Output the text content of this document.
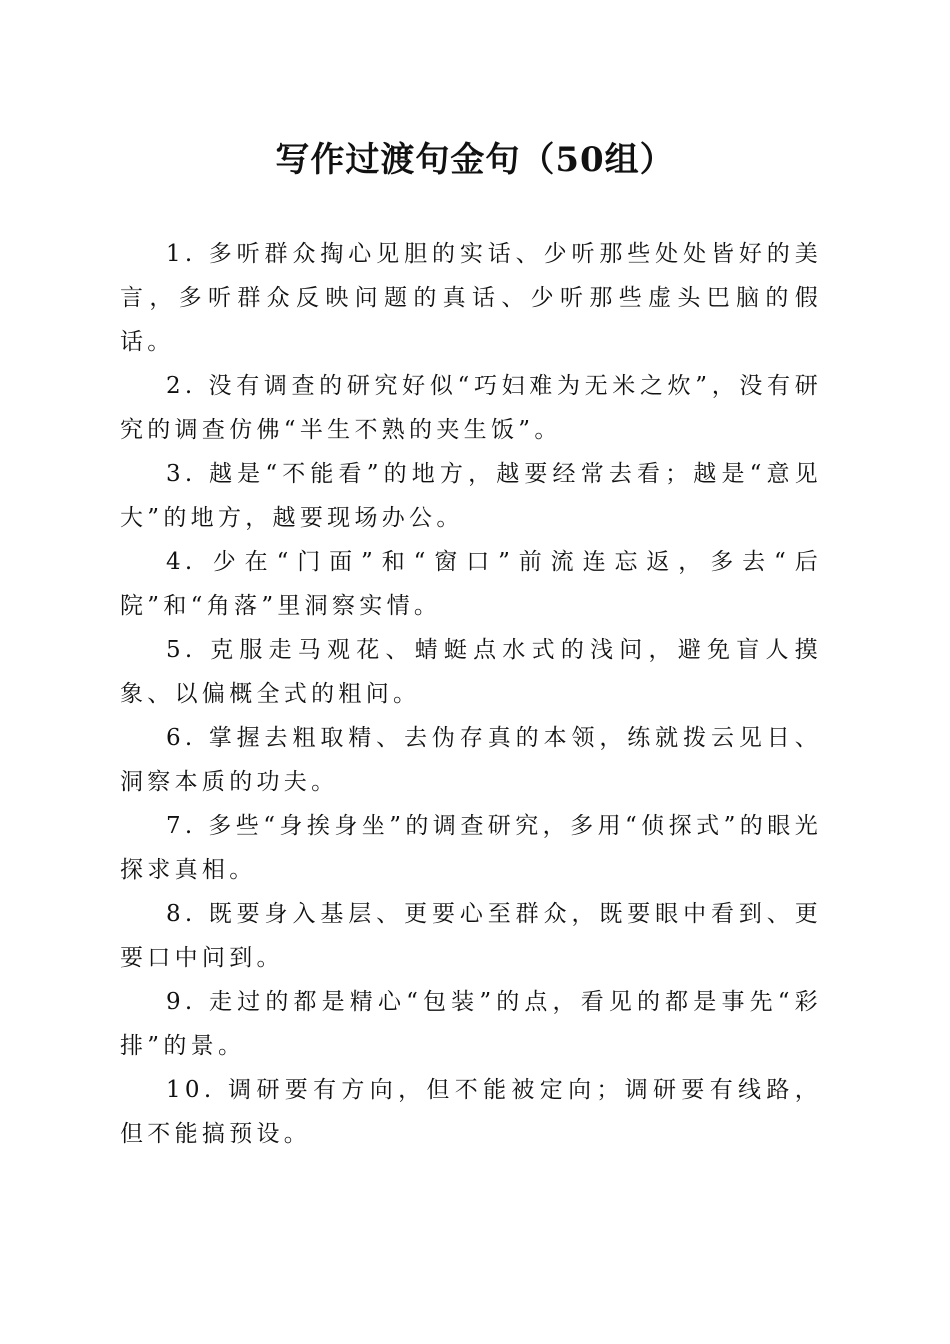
写作过渡句金句（50组）

1. 多听群众掏心见胆的实话、少听那些处处皆好的美言，多听群众反映问题的真话、少听那些虚头巴脑的假话。

2. 没有调查的研究好似“巧妇难为无米之炊”，没有研究的调查仿佛“半生不熟的夹生饭”。

3. 越是“不能看”的地方，越要经常去看；越是“意见大”的地方，越要现场办公。

4. 少在“门面”和“窗口”前流连忘返，多去“后院”和“角落”里洞察实情。

5. 克服走马观花、蜻蜓点水式的浅问，避免盲人摸象、以偏概全式的粗问。

6. 掌握去粗取精、去伪存真的本领，练就拨云见日、洞察本质的功夫。

7. 多些“身挨身坐”的调查研究，多用“侦探式”的眼光探求真相。

8. 既要身入基层、更要心至群众，既要眼中看到、更要口中问到。

9. 走过的都是精心“包装”的点，看见的都是事先“彩排”的景。

10. 调研要有方向，但不能被定向；调研要有线路，但不能搞预设。
